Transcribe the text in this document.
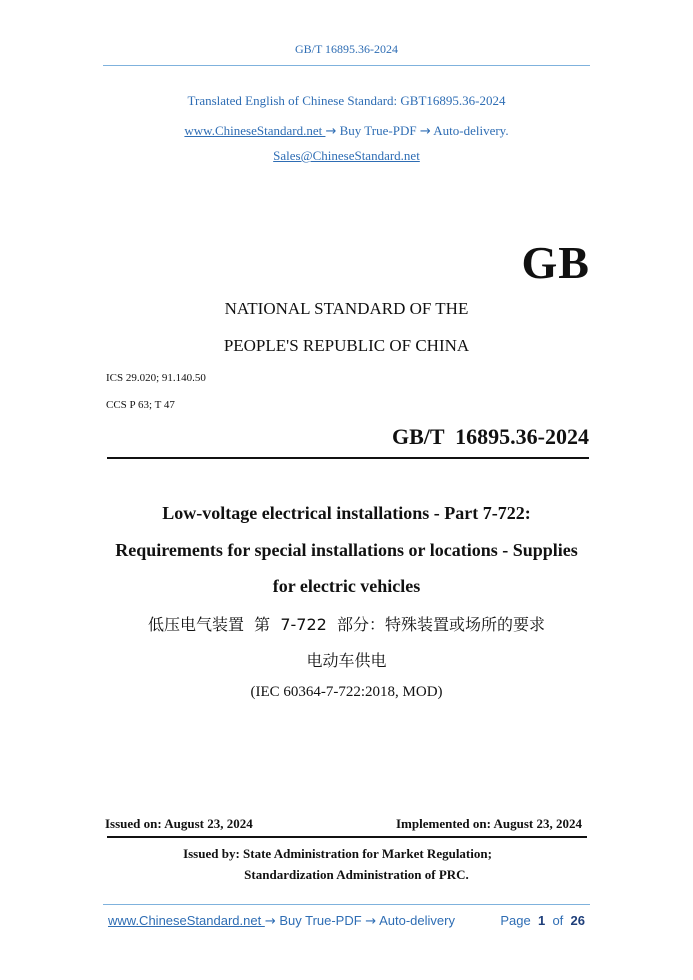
GB/T 16895.36-2024
Translated English of Chinese Standard: GBT16895.36-2024
www.ChineseStandard.net → Buy True-PDF → Auto-delivery.
Sales@ChineseStandard.net
GB
NATIONAL STANDARD OF THE
PEOPLE'S REPUBLIC OF CHINA
ICS 29.020; 91.140.50
CCS P 63; T 47
GB/T  16895.36-2024
Low-voltage electrical installations - Part 7-722:
Requirements for special installations or locations - Supplies
for electric vehicles
低压电气装置  第  7-722  部分：特殊装置或场所的要求
电动车供电
(IEC 60364-7-722:2018, MOD)
Issued on: August 23, 2024	Implemented on: August 23, 2024
Issued by: State Administration for Market Regulation;
Standardization Administration of PRC.
www.ChineseStandard.net → Buy True-PDF → Auto-delivery	Page 1 of 26
